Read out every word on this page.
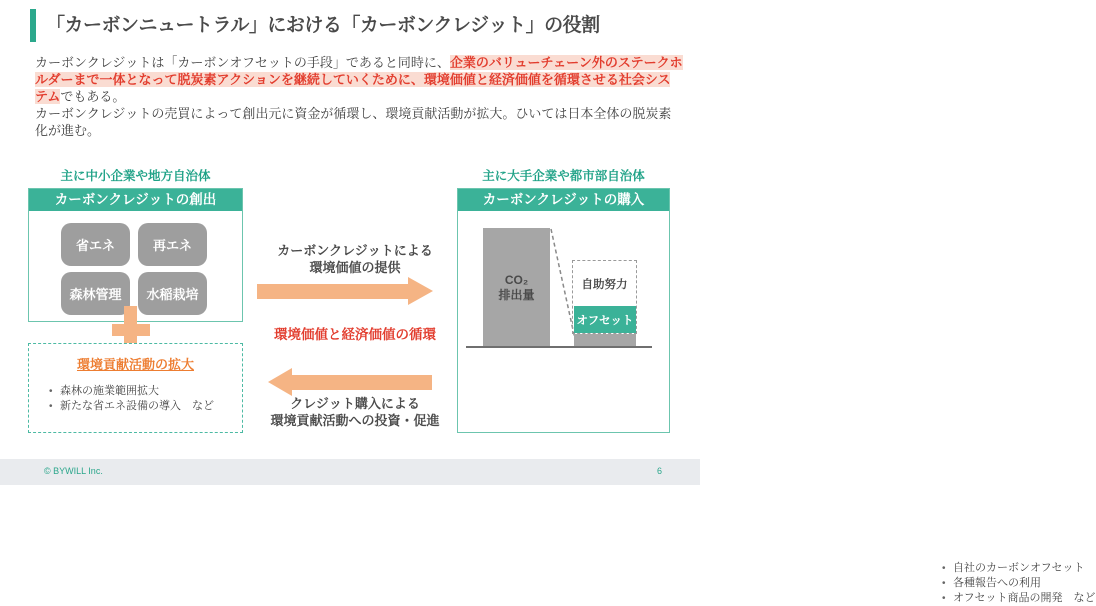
「カーボンニュートラル」における「カーボンクレジット」の役割
カーボンクレジットは「カーボンオフセットの手段」であると同時に、企業のバリューチェーン外のステークホルダーまで一体となって脱炭素アクションを継続していくために、環境価値と経済価値を循環させる社会システムでもある。
カーボンクレジットの売買によって創出元に資金が循環し、環境貢献活動が拡大。ひいては日本全体の脱炭素化が進む。
主に中小企業や地方自治体
カーボンクレジットの創出
省エネ	再エネ
森林管理	水稲栽培
環境貢献活動の拡大
• 森林の施業範囲拡大
• 新たな省エネ設備の導入　など
カーボンクレジットによる
環境価値の提供
環境価値と経済価値の循環
クレジット購入による
環境貢献活動への投資・促進
主に大手企業や都市部自治体
カーボンクレジットの購入
• 自社のカーボンオフセット
• 各種報告への利用
• オフセット商品の開発　など
CO₂
排出量
自助努力
オフセット
© BYWILL Inc.	6
